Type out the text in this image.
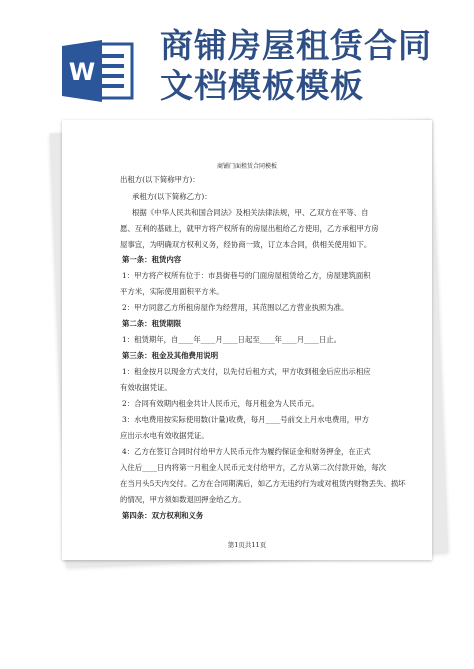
W
商铺房屋租赁合同
文档模板模板
商铺门面租赁合同模板
出租方(以下简称甲方)：
承租方(以下简称乙方)：
根据《中华人民共和国合同法》及相关法律法规，甲、乙双方在平等、自
愿、互利的基础上，就甲方将产权所有的房屋出租给乙方使用，乙方承租甲方房
屋事宜，为明确双方权利义务，经协商一致，订立本合同，供相关使用如下。
第一条：租赁内容
1：甲方将产权所有位于：市县街巷号的门面房屋租赁给乙方，房屋建筑面积
平方米，实际使用面积平方米。
2：甲方同意乙方所租房屋作为经营用，其范围以乙方营业执照为准。
第二条：租赁期限
1：租赁期年，自____年____月____日起至____年____月____日止。
第三条：租金及其他费用说明
1：租金按月以现金方式支付，以先付后租方式，甲方收到租金后应出示相应
有效收据凭证。
2：合同有效期内租金共计人民币元，每月租金为人民币元。
3：水电费用按实际使用数(计量)收费，每月____号前交上月水电费用，甲方
应出示水电有效收据凭证。
4：乙方在签订合同时付给甲方人民币元作为履约保证金和财务押金，在正式
入住后____日内将第一月租金人民币元支付给甲方，乙方从第二次付款开始，每次
在当月头5天内交付。乙方在合同期满后，如乙方无违约行为或对租赁内财物丢失、损坏
的情况，甲方须如数退回押金给乙方。
第四条：双方权利和义务
第1页共11页
